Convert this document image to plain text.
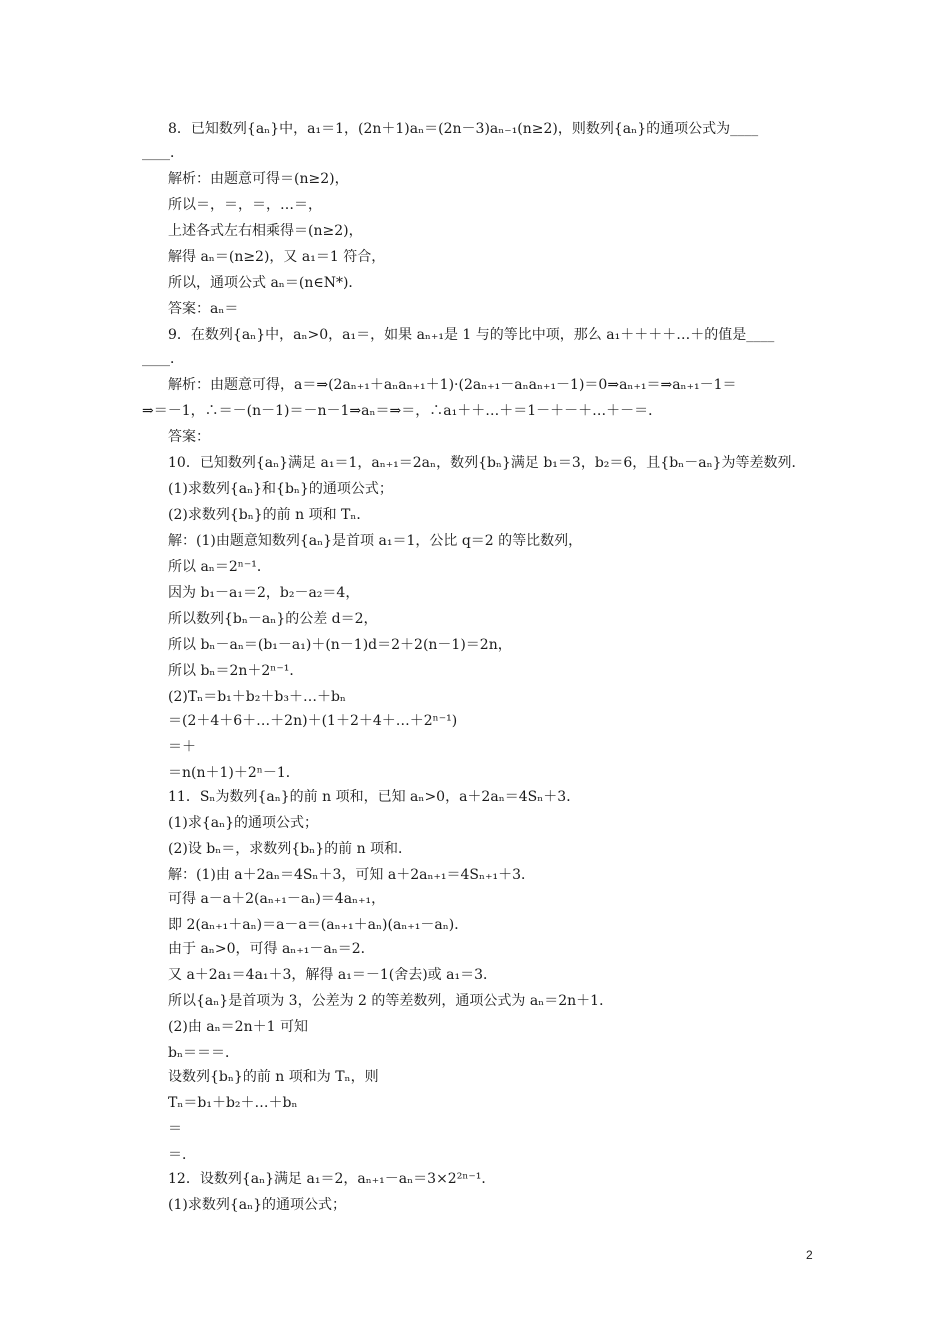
8．已知数列{aₙ}中，a₁＝1，(2n＋1)aₙ＝(2n－3)aₙ₋₁(n≥2)，则数列{aₙ}的通项公式为____
____．
解析：由题意可得＝(n≥2)，
所以＝，＝，＝，…＝，
上述各式左右相乘得＝(n≥2)，
解得 aₙ＝(n≥2)，又 a₁＝1 符合，
所以，通项公式 aₙ＝(n∈N*)．
答案：aₙ＝
9．在数列{aₙ}中，aₙ>0，a₁＝，如果 aₙ₊₁是 1 与的等比中项，那么 a₁＋＋＋＋…＋的值是____
____．
解析：由题意可得，a＝⇒(2aₙ₊₁＋aₙaₙ₊₁＋1)·(2aₙ₊₁－aₙaₙ₊₁－1)＝0⇒aₙ₊₁＝⇒aₙ₊₁－1＝
⇒＝－1，∴＝－(n－1)＝－n－1⇒aₙ＝⇒＝，∴a₁＋＋…＋＝1－＋－＋…＋－＝．
答案：
10．已知数列{aₙ}满足 a₁＝1，aₙ₊₁＝2aₙ，数列{bₙ}满足 b₁＝3，b₂＝6，且{bₙ－aₙ}为等差数列．
(1)求数列{aₙ}和{bₙ}的通项公式；
(2)求数列{bₙ}的前 n 项和 Tₙ．
解：(1)由题意知数列{aₙ}是首项 a₁＝1，公比 q＝2 的等比数列，
所以 aₙ＝2ⁿ⁻¹．
因为 b₁－a₁＝2，b₂－a₂＝4，
所以数列{bₙ－aₙ}的公差 d＝2，
所以 bₙ－aₙ＝(b₁－a₁)＋(n－1)d＝2＋2(n－1)＝2n，
所以 bₙ＝2n＋2ⁿ⁻¹．
(2)Tₙ＝b₁＋b₂＋b₃＋…＋bₙ
＝(2＋4＋6＋…＋2n)＋(1＋2＋4＋…＋2ⁿ⁻¹)
＝＋
＝n(n＋1)＋2ⁿ－1．
11．Sₙ为数列{aₙ}的前 n 项和，已知 aₙ>0，a＋2aₙ＝4Sₙ＋3．
(1)求{aₙ}的通项公式；
(2)设 bₙ＝，求数列{bₙ}的前 n 项和．
解：(1)由 a＋2aₙ＝4Sₙ＋3，可知 a＋2aₙ₊₁＝4Sₙ₊₁＋3．
可得 a－a＋2(aₙ₊₁－aₙ)＝4aₙ₊₁，
即 2(aₙ₊₁＋aₙ)＝a－a＝(aₙ₊₁＋aₙ)(aₙ₊₁－aₙ)．
由于 aₙ>0，可得 aₙ₊₁－aₙ＝2．
又 a＋2a₁＝4a₁＋3，解得 a₁＝－1(舍去)或 a₁＝3．
所以{aₙ}是首项为 3，公差为 2 的等差数列，通项公式为 aₙ＝2n＋1．
(2)由 aₙ＝2n＋1 可知
bₙ＝＝＝．
设数列{bₙ}的前 n 项和为 Tₙ，则
Tₙ＝b₁＋b₂＋…＋bₙ
＝
＝．
12．设数列{aₙ}满足 a₁＝2，aₙ₊₁－aₙ＝3×2²ⁿ⁻¹．
(1)求数列{aₙ}的通项公式；
2
